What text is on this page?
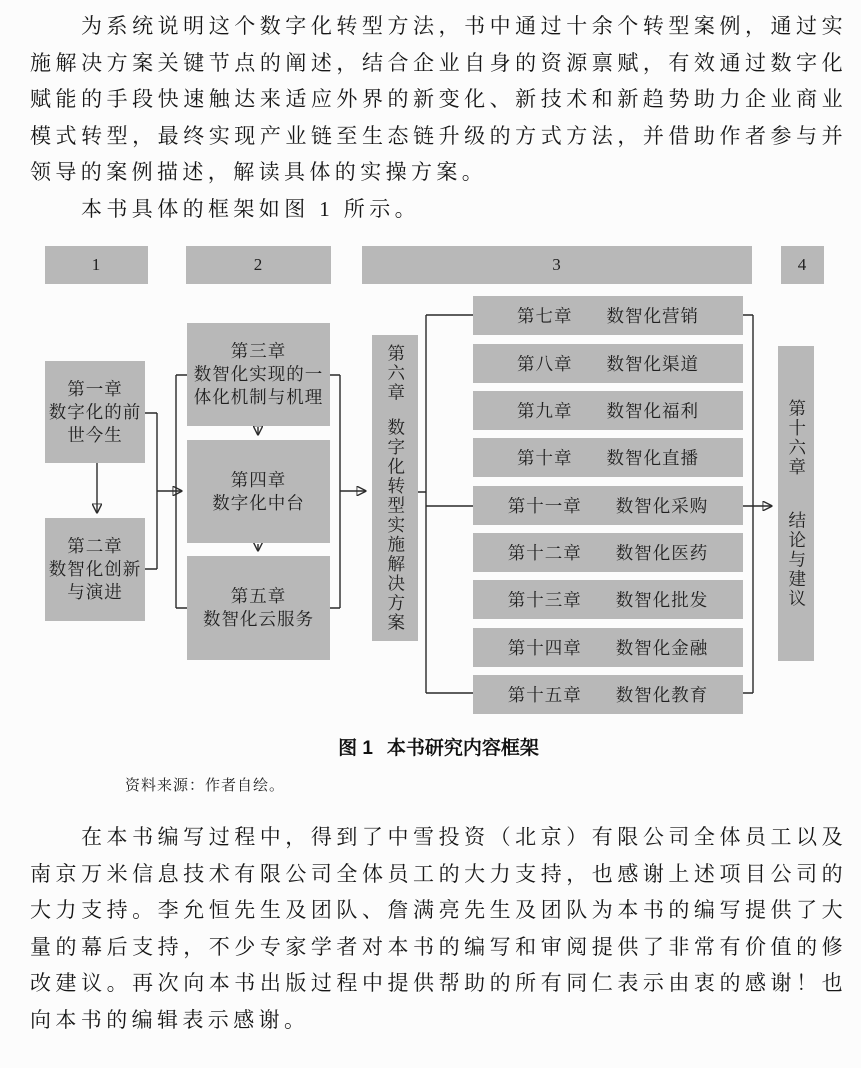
为系统说明这个数字化转型方法，书中通过十余个转型案例，通过实施解决方案关键节点的阐述，结合企业自身的资源禀赋，有效通过数字化赋能的手段快速触达来适应外界的新变化、新技术和新趋势助力企业商业模式转型，最终实现产业链至生态链升级的方式方法，并借助作者参与并领导的案例描述，解读具体的实操方案。

本书具体的框架如图 1 所示。

1	2	3	4
第一章
数字化的前
世今生
第二章
数智化创新
与演进
第三章
数智化实现的一
体化机制与机理
第四章
数字化中台
第五章
数智化云服务
第六章
数字化转型实施解决方案
第七章 数智化营销
第八章 数智化渠道
第九章 数智化福利
第十章 数智化直播
第十一章 数智化采购
第十二章 数智化医药
第十三章 数智化批发
第十四章 数智化金融
第十五章 数智化教育
第十六章
结论与建议
图 1 本书研究内容框架
资料来源：作者自绘。

在本书编写过程中，得到了中雪投资（北京）有限公司全体员工以及南京万米信息技术有限公司全体员工的大力支持，也感谢上述项目公司的大力支持。李允恒先生及团队、詹满亮先生及团队为本书的编写提供了大量的幕后支持，不少专家学者对本书的编写和审阅提供了非常有价值的修改建议。再次向本书出版过程中提供帮助的所有同仁表示由衷的感谢！也向本书的编辑表示感谢。
